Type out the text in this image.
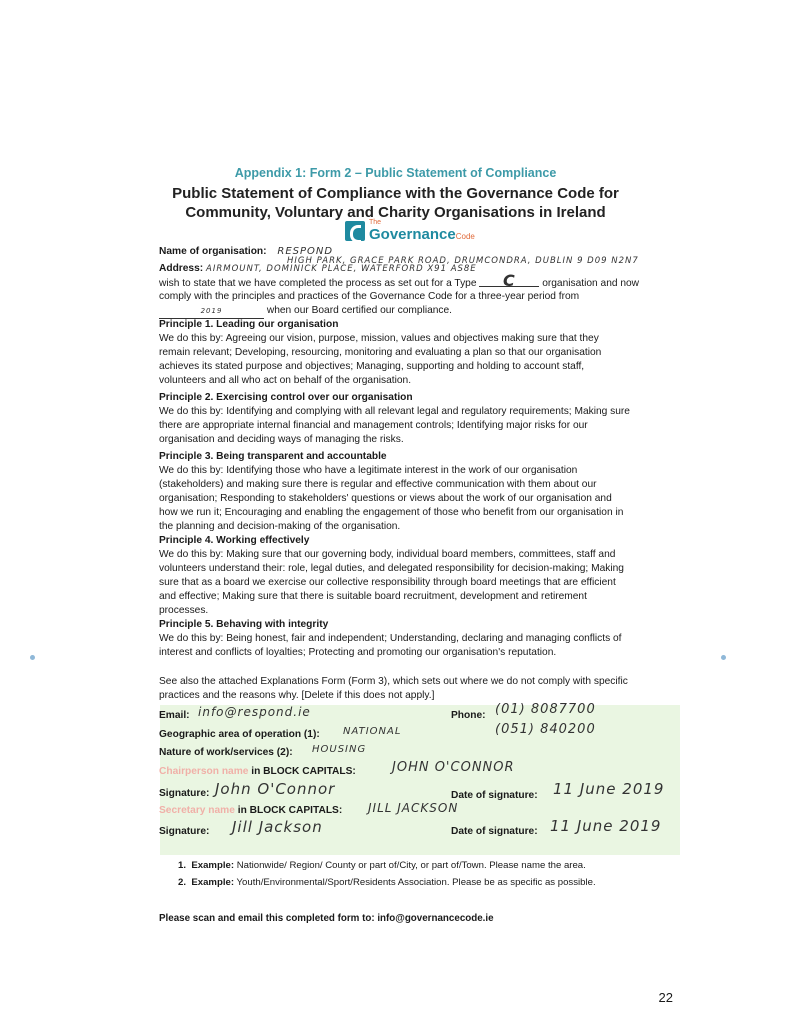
Appendix 1: Form 2 – Public Statement of Compliance
Public Statement of Compliance with the Governance Code for
Community, Voluntary and Charity Organisations in Ireland
The
GovernanceCode
Name of organisation: RESPOND
HIGH PARK, GRACE PARK ROAD, DRUMCONDRA, DUBLIN 9 D09 N2N7
Address: AIRMOUNT, DOMINICK PLACE, WATERFORD X91 AS8E
wish to state that we have completed the process as set out for a Type C	organisation and now
comply with the principles and practices of the Governance Code for a three-year period from
2019	when our Board certified our compliance.
Principle 1. Leading our organisation
We do this by: Agreeing our vision, purpose, mission, values and objectives making sure that they
remain relevant; Developing, resourcing, monitoring and evaluating a plan so that our organisation
achieves its stated purpose and objectives; Managing, supporting and holding to account staff,
volunteers and all who act on behalf of the organisation.
Principle 2. Exercising control over our organisation
We do this by: Identifying and complying with all relevant legal and regulatory requirements; Making sure
there are appropriate internal financial and management controls; Identifying major risks for our
organisation and deciding ways of managing the risks.
Principle 3. Being transparent and accountable
We do this by: Identifying those who have a legitimate interest in the work of our organisation
(stakeholders) and making sure there is regular and effective communication with them about our
organisation; Responding to stakeholders' questions or views about the work of our organisation and
how we run it; Encouraging and enabling the engagement of those who benefit from our organisation in
the planning and decision-making of the organisation.
Principle 4. Working effectively
We do this by: Making sure that our governing body, individual board members, committees, staff and
volunteers understand their: role, legal duties, and delegated responsibility for decision-making; Making
sure that as a board we exercise our collective responsibility through board meetings that are efficient
and effective; Making sure that there is suitable board recruitment, development and retirement
processes.
Principle 5. Behaving with integrity
We do this by: Being honest, fair and independent; Understanding, declaring and managing conflicts of
interest and conflicts of loyalties; Protecting and promoting our organisation's reputation.
See also the attached Explanations Form (Form 3), which sets out where we do not comply with specific
practices and the reasons why. [Delete if this does not apply.]
Email: info@respond.ie	Phone: (01) 8087700
(051) 840200
Geographic area of operation (1): NATIONAL
Nature of work/services (2): HOUSING
Chairperson name in BLOCK CAPITALS:	JOHN O'CONNOR
Signature: John O'Connor	Date of signature: 11 June 2019
Secretary name in BLOCK CAPITALS: JILL JACKSON
Signature: Jill Jackson	Date of signature: 11 June 2019
1. Example: Nationwide/ Region/ County or part of/City, or part of/Town. Please name the area.
2. Example: Youth/Environmental/Sport/Residents Association. Please be as specific as possible.
Please scan and email this completed form to: info@governancecode.ie
22
